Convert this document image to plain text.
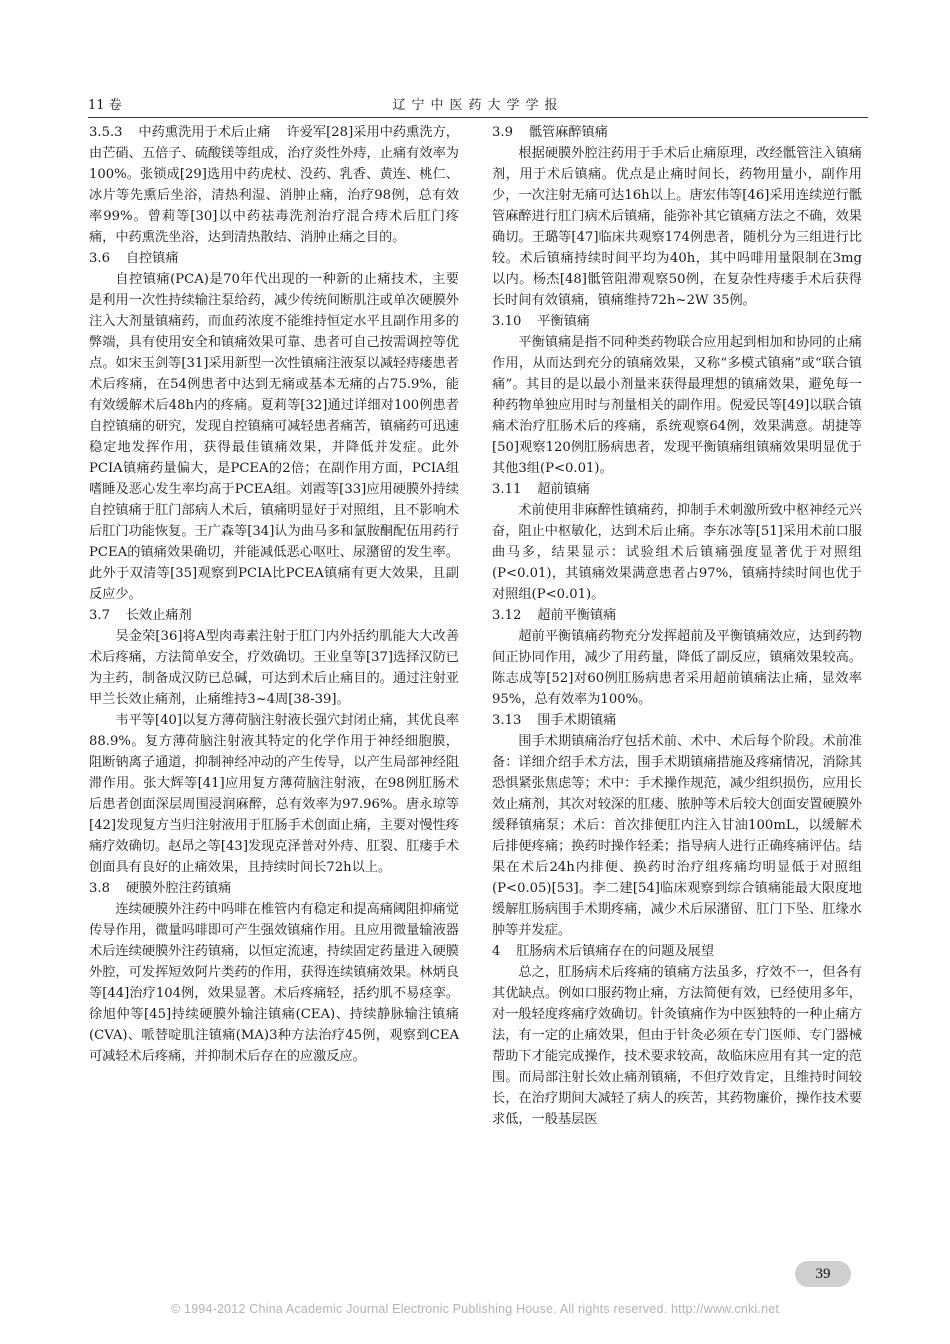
11 卷	辽宁中医药大学学报

3.5.3 中药熏洗用于术后止痛 许爱军[28]采用中药熏洗方，由芒硝、五倍子、硫酸镁等组成，治疗炎性外痔，止痛有效率为100%。张锁成[29]选用中药虎杖、没药、乳香、黄连、桃仁、冰片等先熏后坐浴，清热利湿、消肿止痛，治疗98例，总有效率99%。曾莉等[30]以中药祛毒洗剂治疗混合痔术后肛门疼痛，中药熏洗坐浴，达到清热散结、消肿止痛之目的。

3.6 自控镇痛

自控镇痛(PCA)是70年代出现的一种新的止痛技术，主要是利用一次性持续输注泵给药，减少传统间断肌注或单次硬膜外注入大剂量镇痛药，而血药浓度不能维持恒定水平且副作用多的弊端，具有使用安全和镇痛效果可靠、患者可自己按需调控等优点。如宋玉剑等[31]采用新型一次性镇痛注液泵以减轻痔瘘患者术后疼痛，在54例患者中达到无痛或基本无痛的占75.9%，能有效缓解术后48h内的疼痛。夏莉等[32]通过详细对100例患者自控镇痛的研究，发现自控镇痛可减轻患者痛苦，镇痛药可迅速稳定地发挥作用，获得最佳镇痛效果，并降低并发症。此外PCIA镇痛药量偏大，是PCEA的2倍；在副作用方面，PCIA组嗜睡及恶心发生率均高于PCEA组。刘霞等[33]应用硬膜外持续自控镇痛于肛门部病人术后，镇痛明显好于对照组，且不影响术后肛门功能恢复。王广森等[34]认为曲马多和氯胺酮配伍用药行PCEA的镇痛效果确切，并能减低恶心呕吐、尿潴留的发生率。此外于双清等[35]观察到PCIA比PCEA镇痛有更大效果，且副反应少。

3.7 长效止痛剂

吴金荣[36]将A型肉毒素注射于肛门内外括约肌能大大改善术后疼痛，方法简单安全，疗效确切。王业皇等[37]选择汉防已为主药，制备成汉防已总碱，可达到术后止痛目的。通过注射亚甲兰长效止痛剂，止痛维持3~4周[38-39]。

韦平等[40]以复方薄荷脑注射液长强穴封闭止痛，其优良率88.9%。复方薄荷脑注射液其特定的化学作用于神经细胞膜，阻断钠离子通道，抑制神经冲动的产生传导，以产生局部神经阻滞作用。张大辉等[41]应用复方薄荷脑注射液，在98例肛肠术后患者创面深层周围浸润麻醉，总有效率为97.96%。唐永琼等[42]发现复方当归注射液用于肛肠手术创面止痛，主要对慢性疼痛疗效确切。赵昂之等[43]发现克泽普对外痔、肛裂、肛瘘手术创面具有良好的止痛效果，且持续时间长72h以上。

3.8 硬膜外腔注药镇痛

连续硬膜外注药中吗啡在椎管内有稳定和提高痛阈阻抑痛觉传导作用，微量吗啡即可产生强效镇痛作用。且应用微量输液器术后连续硬膜外注药镇痛，以恒定流速，持续固定药量进入硬膜外腔，可发挥短效阿片类药的作用，获得连续镇痛效果。林炳良等[44]治疗104例，效果显著。术后疼痛轻，括约肌不易痉挛。徐旭仲等[45]持续硬膜外输注镇痛(CEA)、持续静脉输注镇痛(CVA)、哌替啶肌注镇痛(MA)3种方法治疗45例，观察到CEA可减轻术后疼痛，并抑制术后存在的应激反应。

3.9 骶管麻醉镇痛

根据硬膜外腔注药用于手术后止痛原理，改经骶管注入镇痛剂，用于术后镇痛。优点是止痛时间长，药物用量小，副作用少，一次注射无痛可达16h以上。唐宏伟等[46]采用连续逆行骶管麻醉进行肛门病术后镇痛，能弥补其它镇痛方法之不确，效果确切。王璐等[47]临床共观察174例患者，随机分为三组进行比较。术后镇痛持续时间平均为40h，其中吗啡用量限制在3mg以内。杨杰[48]骶管阻滞观察50例，在复杂性痔瘘手术后获得长时间有效镇痛，镇痛维持72h~2W 35例。

3.10 平衡镇痛

平衡镇痛是指不同种类药物联合应用起到相加和协同的止痛作用，从而达到充分的镇痛效果，又称“多模式镇痛”或“联合镇痛”。其目的是以最小剂量来获得最理想的镇痛效果，避免每一种药物单独应用时与剂量相关的副作用。倪爱民等[49]以联合镇痛术治疗肛肠术后的疼痛，系统观察64例，效果满意。胡捷等[50]观察120例肛肠病患者，发现平衡镇痛组镇痛效果明显优于其他3组(P<0.01)。

3.11 超前镇痛

术前使用非麻醉性镇痛药，抑制手术刺激所致中枢神经元兴奋，阻止中枢敏化，达到术后止痛。李东冰等[51]采用术前口服曲马多，结果显示：试验组术后镇痛强度显著优于对照组(P<0.01)，其镇痛效果满意患者占97%，镇痛持续时间也优于对照组(P<0.01)。

3.12 超前平衡镇痛

超前平衡镇痛药物充分发挥超前及平衡镇痛效应，达到药物间正协同作用，减少了用药量，降低了副反应，镇痛效果较高。陈志成等[52]对60例肛肠病患者采用超前镇痛法止痛，显效率95%，总有效率为100%。

3.13 围手术期镇痛

围手术期镇痛治疗包括术前、术中、术后每个阶段。术前准备：详细介绍手术方法，围手术期镇痛措施及疼痛情况，消除其恐惧紧张焦虑等；术中：手术操作规范，减少组织损伤，应用长效止痛剂，其次对较深的肛瘘、脓肿等术后较大创面安置硬膜外缓释镇痛泵；术后：首次排便肛内注入甘油100mL，以缓解术后排便疼痛；换药时操作轻柔；指导病人进行正确疼痛评估。结果在术后24h内排便、换药时治疗组疼痛均明显低于对照组(P<0.05)[53]。李二建[54]临床观察到综合镇痛能最大限度地缓解肛肠病围手术期疼痛，减少术后尿潴留、肛门下坠、肛缘水肿等并发症。

4 肛肠病术后镇痛存在的问题及展望

总之，肛肠病术后疼痛的镇痛方法虽多，疗效不一，但各有其优缺点。例如口服药物止痛，方法简便有效，已经使用多年，对一般轻度疼痛疗效确切。针灸镇痛作为中医独特的一种止痛方法，有一定的止痛效果，但由于针灸必须在专门医师、专门器械帮助下才能完成操作，技术要求较高，故临床应用有其一定的范围。而局部注射长效止痛剂镇痛，不但疗效肯定，且维持时间较长，在治疗期间大减轻了病人的疾苦，其药物廉价，操作技术要求低，一般基层医

39
© 1994-2012 China Academic Journal Electronic Publishing House. All rights reserved. http://www.cnki.net
